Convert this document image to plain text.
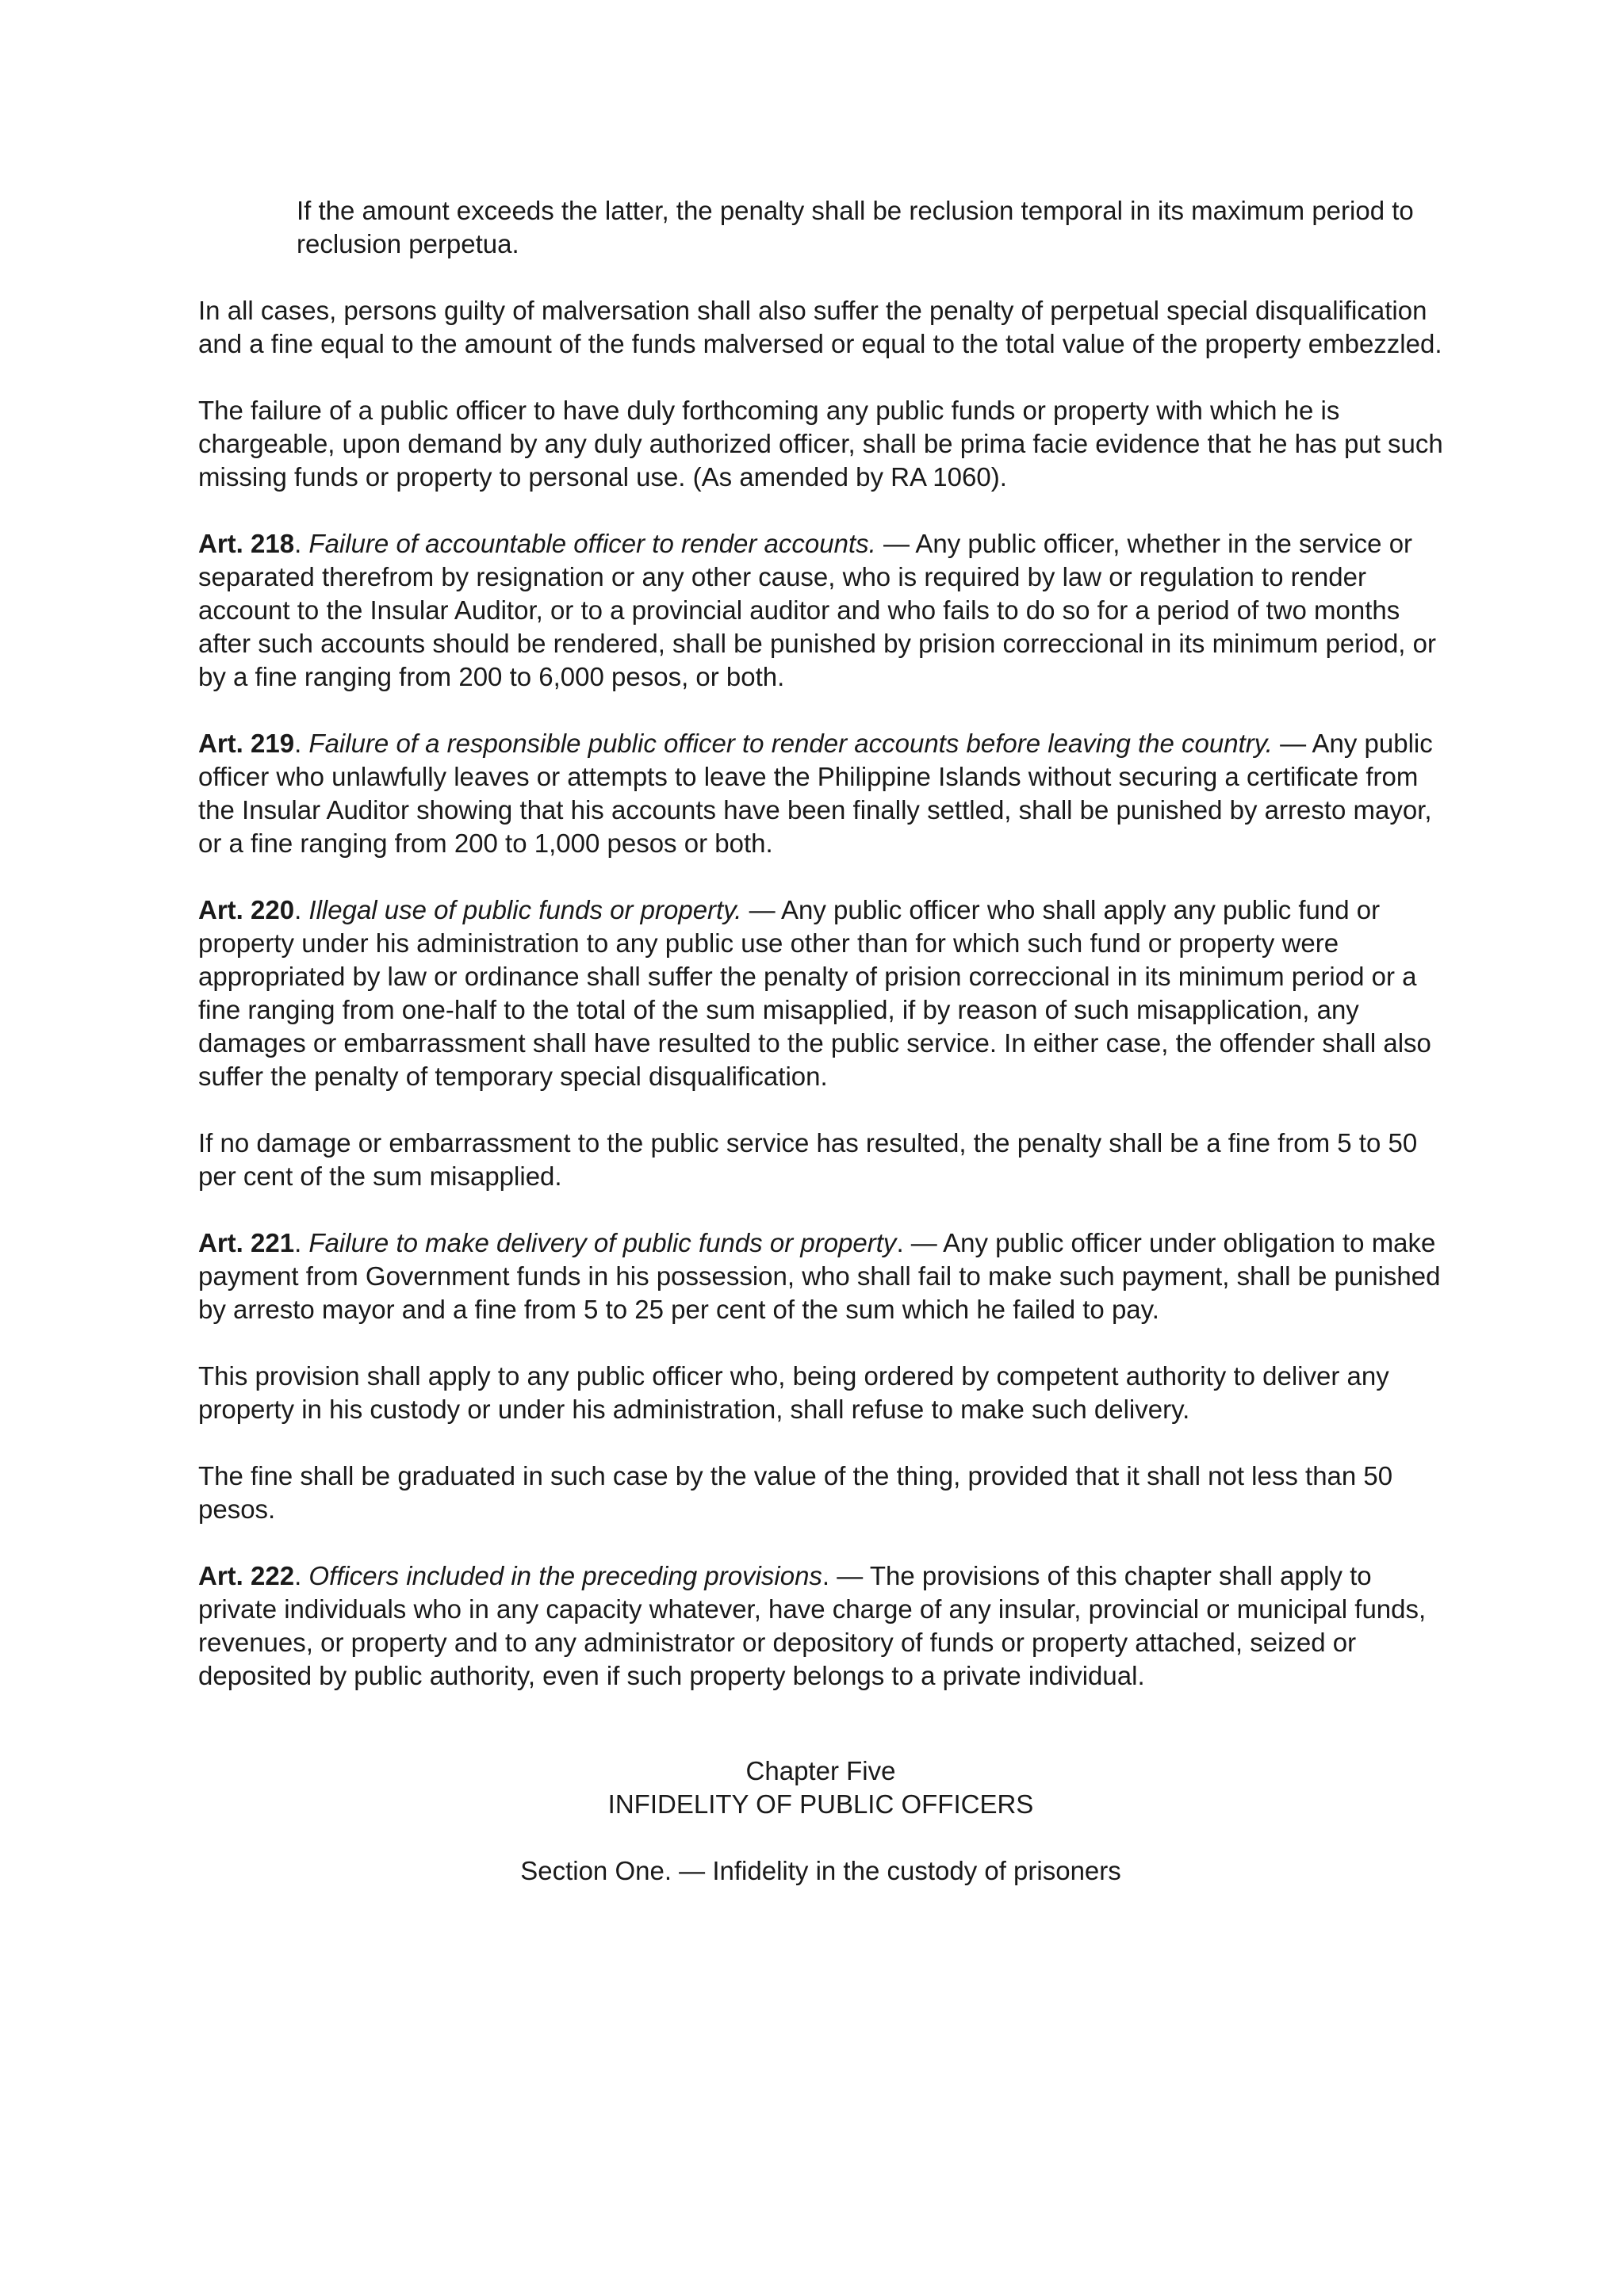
If the amount exceeds the latter, the penalty shall be reclusion temporal in its maximum period to reclusion perpetua.

In all cases, persons guilty of malversation shall also suffer the penalty of perpetual special disqualification and a fine equal to the amount of the funds malversed or equal to the total value of the property embezzled.

The failure of a public officer to have duly forthcoming any public funds or property with which he is chargeable, upon demand by any duly authorized officer, shall be prima facie evidence that he has put such missing funds or property to personal use. (As amended by RA 1060).

Art. 218. Failure of accountable officer to render accounts. — Any public officer, whether in the service or separated therefrom by resignation or any other cause, who is required by law or regulation to render account to the Insular Auditor, or to a provincial auditor and who fails to do so for a period of two months after such accounts should be rendered, shall be punished by prision correccional in its minimum period, or by a fine ranging from 200 to 6,000 pesos, or both.

Art. 219. Failure of a responsible public officer to render accounts before leaving the country. — Any public officer who unlawfully leaves or attempts to leave the Philippine Islands without securing a certificate from the Insular Auditor showing that his accounts have been finally settled, shall be punished by arresto mayor, or a fine ranging from 200 to 1,000 pesos or both.

Art. 220. Illegal use of public funds or property. — Any public officer who shall apply any public fund or property under his administration to any public use other than for which such fund or property were appropriated by law or ordinance shall suffer the penalty of prision correccional in its minimum period or a fine ranging from one-half to the total of the sum misapplied, if by reason of such misapplication, any damages or embarrassment shall have resulted to the public service. In either case, the offender shall also suffer the penalty of temporary special disqualification.

If no damage or embarrassment to the public service has resulted, the penalty shall be a fine from 5 to 50 per cent of the sum misapplied.

Art. 221. Failure to make delivery of public funds or property. — Any public officer under obligation to make payment from Government funds in his possession, who shall fail to make such payment, shall be punished by arresto mayor and a fine from 5 to 25 per cent of the sum which he failed to pay.

This provision shall apply to any public officer who, being ordered by competent authority to deliver any property in his custody or under his administration, shall refuse to make such delivery.

The fine shall be graduated in such case by the value of the thing, provided that it shall not less than 50 pesos.

Art. 222. Officers included in the preceding provisions. — The provisions of this chapter shall apply to private individuals who in any capacity whatever, have charge of any insular, provincial or municipal funds, revenues, or property and to any administrator or depository of funds or property attached, seized or deposited by public authority, even if such property belongs to a private individual.

Chapter Five
INFIDELITY OF PUBLIC OFFICERS
Section One. — Infidelity in the custody of prisoners
